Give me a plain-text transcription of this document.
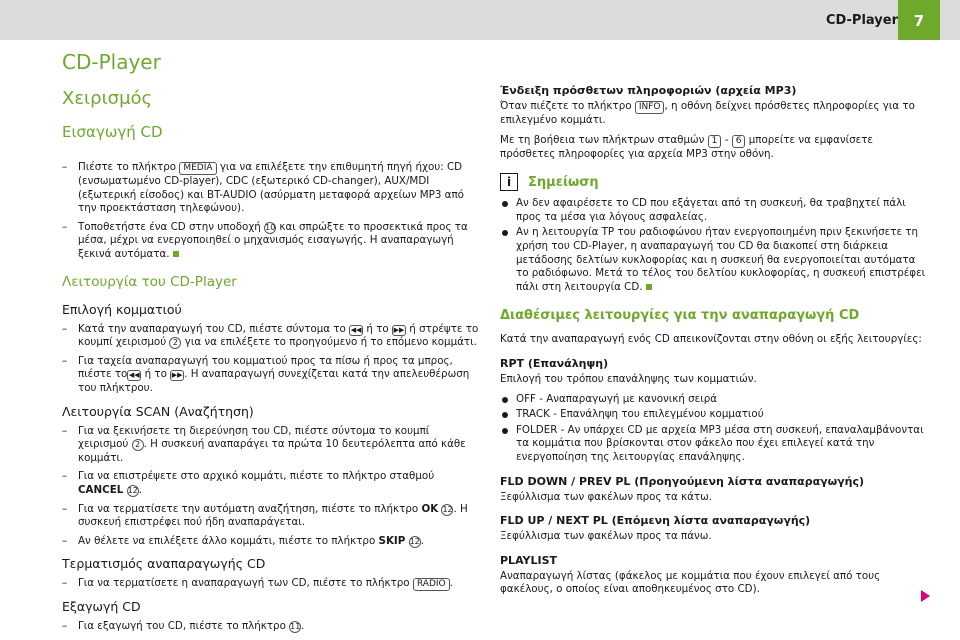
CD-Player	7
CD-Player
Χειρισμός
Εισαγωγή CD
– Πιέστε το πλήκτρο MEDIA για να επιλέξετε την επιθυμητή πηγή ήχου: CD (ενσωματωμένο CD-player), CDC (εξωτερικό CD-changer), AUX/MDI (εξωτερική είσοδος) και BT-AUDIO (ασύρματη μεταφορά αρχείων MP3 από την προεκτάσταση τηλεφώνου).
– Τοποθετήστε ένα CD στην υποδοχή 10 και σπρώξτε το προσεκτικά προς τα μέσα, μέχρι να ενεργοποιηθεί ο μηχανισμός εισαγωγής. Η αναπαραγωγή ξεκινά αυτόματα.
Λειτουργία του CD-Player
Επιλογή κομματιού
– Κατά την αναπαραγωγή του CD, πιέστε σύντομα το ◀◀ ή το ▶▶ ή στρέψτε το κουμπί χειρισμού 2 για να επιλέξετε το προηγούμενο ή το επόμενο κομμάτι.
– Για ταχεία αναπαραγωγή του κομματιού προς τα πίσω ή προς τα μπρος, πιέστε το ◀◀ ή το ▶▶ . Η αναπαραγωγή συνεχίζεται κατά την απελευθέρωση του πλήκτρου.
Λειτουργία SCAN (Αναζήτηση)
– Για να ξεκινήσετε τη διερεύνηση του CD, πιέστε σύντομα το κουμπί χειρισμού 2 . Η συσκευή αναπαράγει τα πρώτα 10 δευτερόλεπτα από κάθε κομμάτι.
– Για να επιστρέψετε στο αρχικό κομμάτι, πιέστε το πλήκτρο σταθμού CANCEL 12.
– Για να τερματίσετε την αυτόματη αναζήτηση, πιέστε το πλήκτρο OK 12. Η συσκευή επιστρέφει πού ήδη αναπαράγεται.
– Αν θέλετε να επιλέξετε άλλο κομμάτι, πιέστε το πλήκτρο SKIP 12.
Τερματισμός αναπαραγωγής CD
– Για να τερματίσετε η αναπαραγωγή των CD, πιέστε το πλήκτρο RADIO .
Εξαγωγή CD
– Για εξαγωγή του CD, πιέστε το πλήκτρο 11.
Ένδειξη πρόσθετων πληροφοριών (αρχεία MP3)

Όταν πιέζετε το πλήκτρο INFO , η οθόνη δείχνει πρόσθετες πληροφορίες για το επιλεγμένο κομμάτι.

Με τη βοήθεια των πλήκτρων σταθμών 1 - 6 μπορείτε να εμφανίσετε πρόσθετες πληροφορίες για αρχεία MP3 στην οθόνη.

i	Σημείωση
Αν δεν αφαιρέσετε το CD που εξάγεται από τη συσκευή, θα τραβηχτεί πάλι προς τα μέσα για λόγους ασφαλείας.
Αν η λειτουργία TP του ραδιοφώνου ήταν ενεργοποιημένη πριν ξεκινήσετε τη χρήση του CD-Player, η αναπαραγωγή του CD θα διακοπεί στη διάρκεια μετάδοσης δελτίων κυκλοφορίας και η συσκευή θα ενεργοποιείται αυτόματα το ραδιόφωνο. Μετά το τέλος του δελτίου κυκλοφορίας, η συσκευή επιστρέφει πάλι στη λειτουργία CD.
Διαθέσιμες λειτουργίες για την αναπαραγωγή CD

Κατά την αναπαραγωγή ενός CD απεικονίζονται στην οθόνη οι εξής λειτουργίες:

RPT (Επανάληψη)

Επιλογή του τρόπου επανάληψης των κομματιών.

OFF - Αναπαραγωγή με κανονική σειρά
TRACK - Επανάληψη του επιλεγμένου κομματιού
FOLDER - Αν υπάρχει CD με αρχεία MP3 μέσα στη συσκευή, επαναλαμβάνονται τα κομμάτια που βρίσκονται στον φάκελο που έχει επιλεγεί κατά την ενεργοποίηση της λειτουργίας επανάληψης.
FLD DOWN / PREV PL (Προηγούμενη λίστα αναπαραγωγής)

Ξεφύλλισμα των φακέλων προς τα κάτω.

FLD UP / NEXT PL (Επόμενη λίστα αναπαραγωγής)

Ξεφύλλισμα των φακέλων προς τα πάνω.

PLAYLIST

Αναπαραγωγή λίστας (φάκελος με κομμάτια που έχουν επιλεγεί από τους φακέλους, ο οποίος είναι αποθηκευμένος στο CD).
